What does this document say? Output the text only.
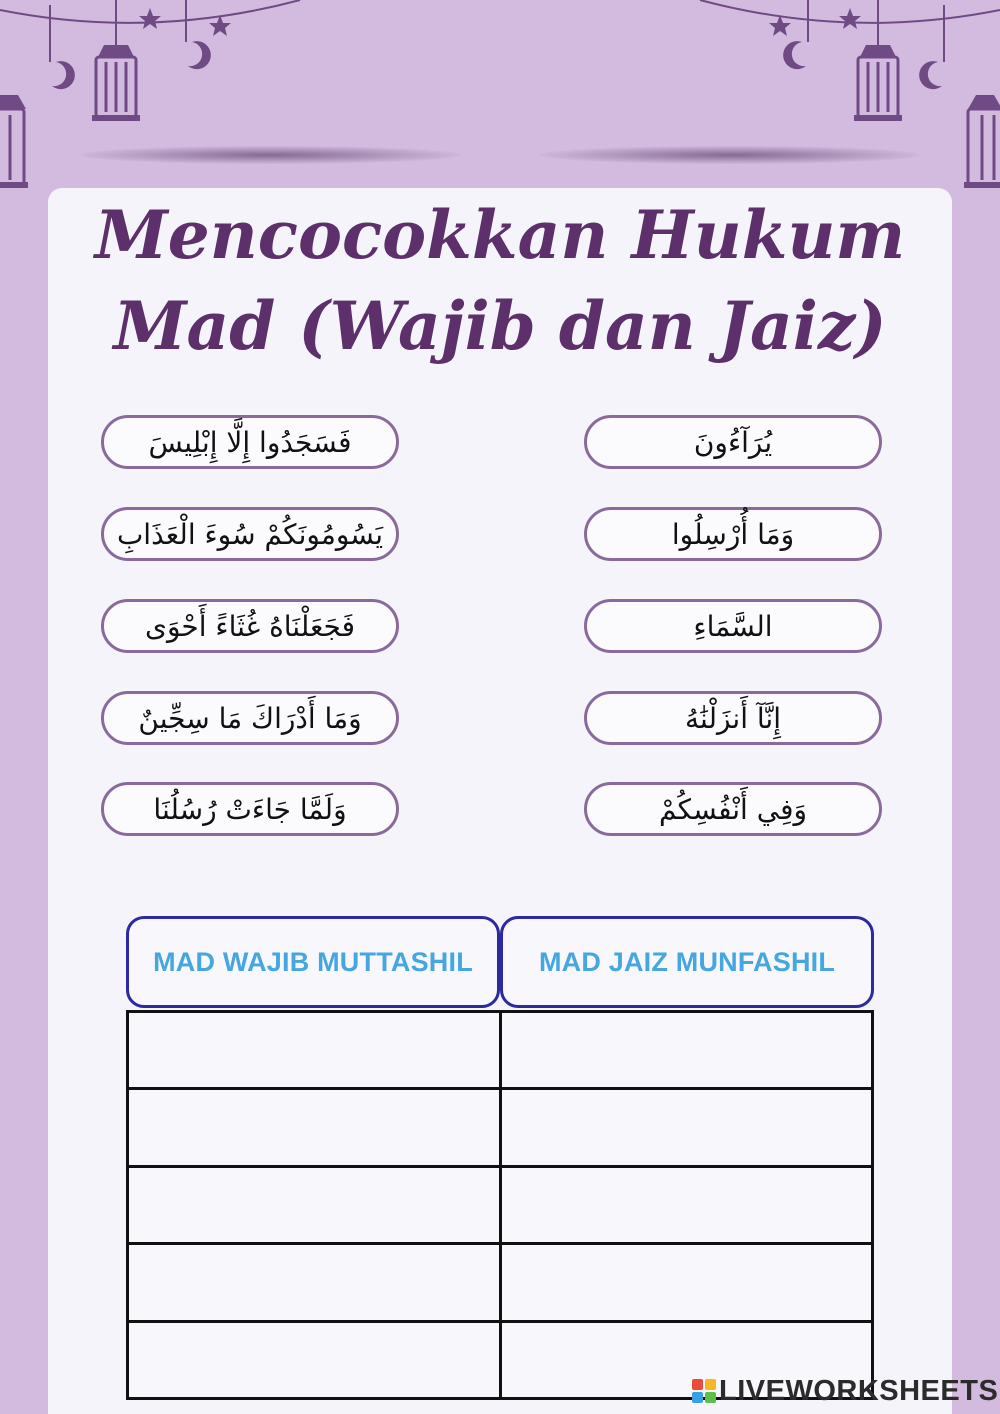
Mencocokkan Hukum
Mad (Wajib dan Jaiz)
فَسَجَدُوا إِلَّا إِبْلِيسَ
يَسُومُونَكُمْ سُوءَ الْعَذَابِ
فَجَعَلْنَاهُ غُثَاءً أَحْوَى
وَمَا أَدْرَاكَ مَا سِجِّينٌ
وَلَمَّا جَاءَتْ رُسُلُنَا
يُرَآءُونَ
وَمَا أُرْسِلُوا
السَّمَاءِ
إِنَّآ أَنزَلْنَٰهُ
وَفِي أَنْفُسِكُمْ
MAD WAJIB MUTTASHIL	MAD JAIZ MUNFASHIL

LIVEWORKSHEETS
